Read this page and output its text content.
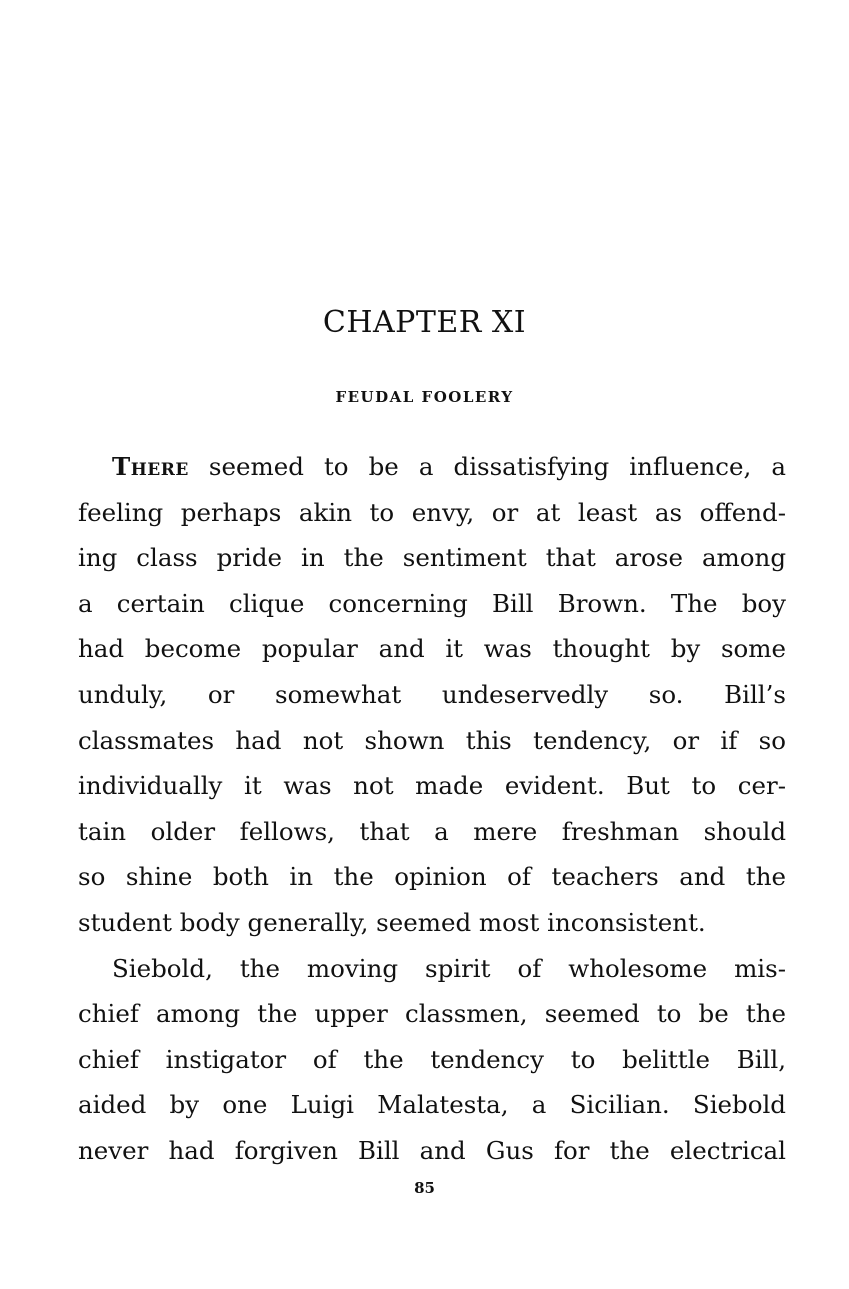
CHAPTER XI
FEUDAL FOOLERY
There seemed to be a dissatisfying influence, a
feeling perhaps akin to envy, or at least as offend-
ing class pride in the sentiment that arose among
a certain clique concerning Bill Brown. The boy
had become popular and it was thought by some
unduly, or somewhat undeservedly so. Bill’s
classmates had not shown this tendency, or if so
individually it was not made evident. But to cer-
tain older fellows, that a mere freshman should
so shine both in the opinion of teachers and the
student body generally, seemed most inconsistent.
Siebold, the moving spirit of wholesome mis-
chief among the upper classmen, seemed to be the
chief instigator of the tendency to belittle Bill,
aided by one Luigi Malatesta, a Sicilian. Siebold
never had forgiven Bill and Gus for the electrical
85
